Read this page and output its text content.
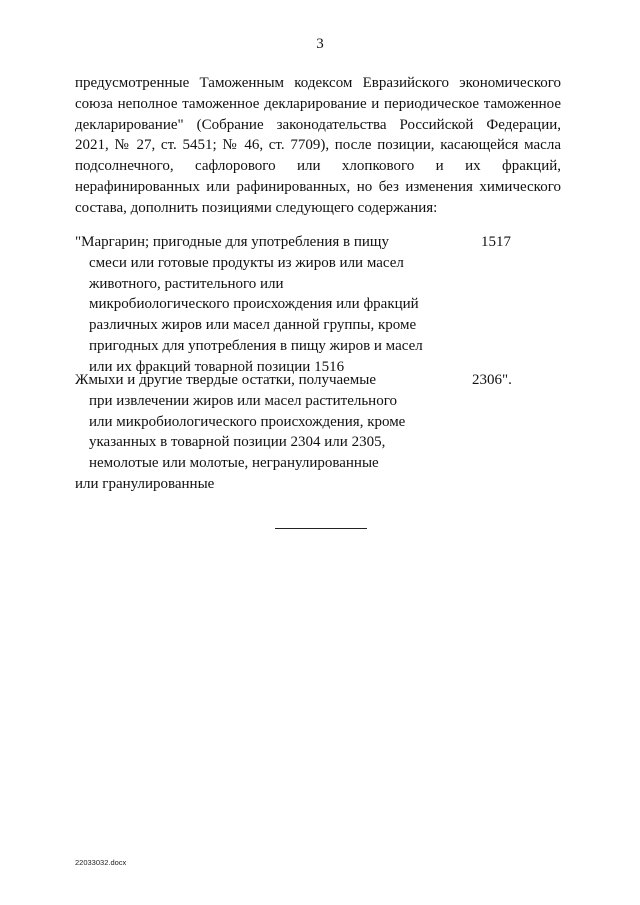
3
предусмотренные Таможенным кодексом Евразийского экономического
союза неполное таможенное декларирование и периодическое таможенное
декларирование" (Собрание законодательства Российской Федерации,
2021, № 27, ст. 5451; № 46, ст. 7709), после позиции, касающейся масла
подсолнечного, сафлорового или хлопкового и их фракций,
нерафинированных или рафинированных, но без изменения химического
состава, дополнить позициями следующего содержания:
"Маргарин; пригодные для употребления в пищу
смеси или готовые продукты из жиров или масел
животного, растительного или
микробиологического происхождения или фракций
различных жиров или масел данной группы, кроме
пригодных для употребления в пищу жиров и масел
или их фракций товарной позиции 1516
1517
Жмыхи и другие твердые остатки, получаемые
при извлечении жиров или масел растительного
или микробиологического происхождения, кроме
указанных в товарной позиции 2304 или 2305,
немолотые или молотые, негранулированные
или гранулированные
2306".
22033032.docx
